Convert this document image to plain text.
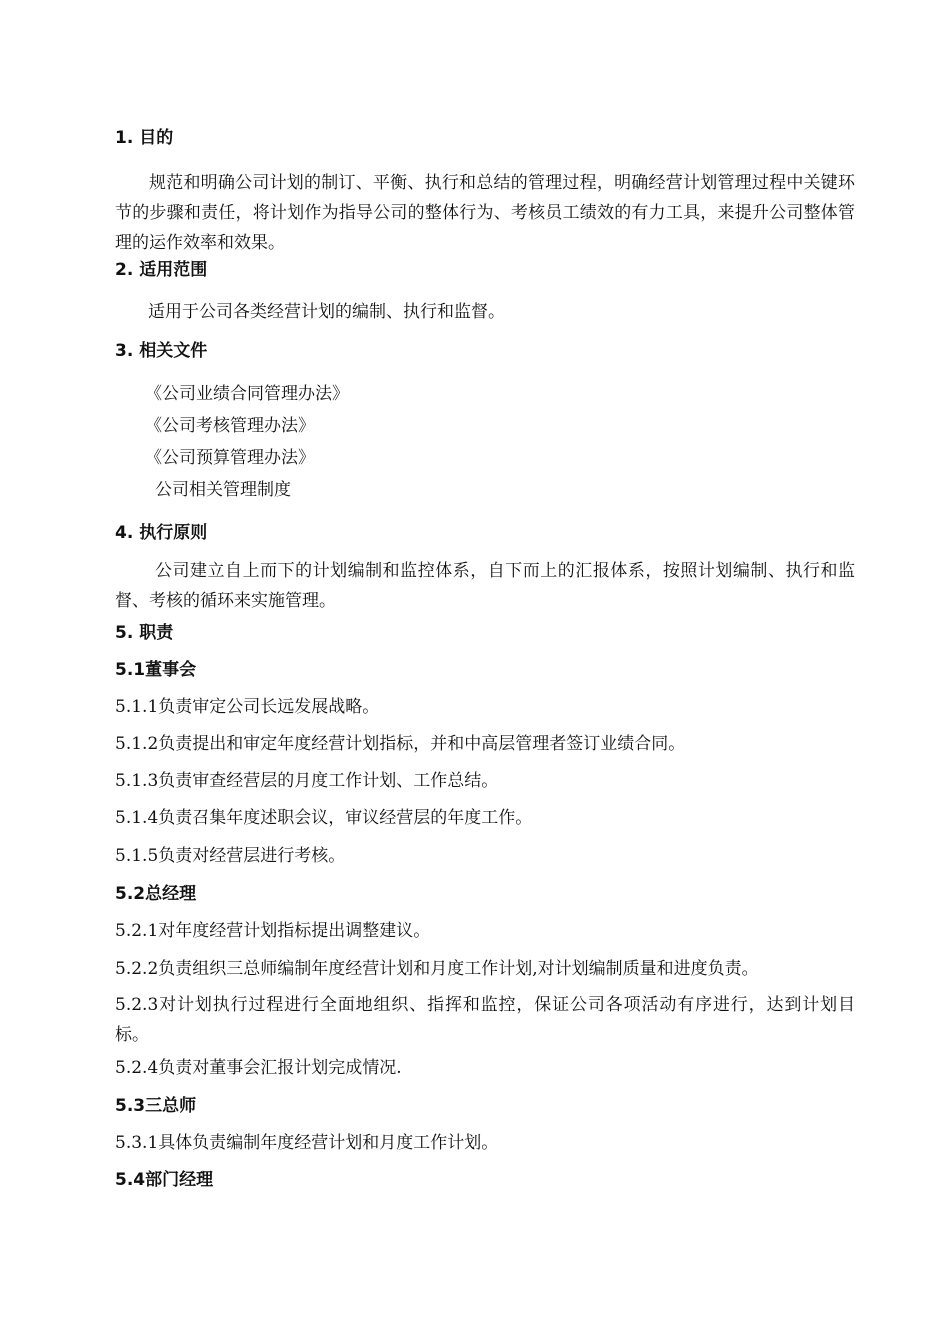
1. 目的
规范和明确公司计划的制订、平衡、执行和总结的管理过程，明确经营计划管理过程中关键环节的步骤和责任，将计划作为指导公司的整体行为、考核员工绩效的有力工具，来提升公司整体管理的运作效率和效果。
2. 适用范围
适用于公司各类经营计划的编制、执行和监督。
3. 相关文件
《公司业绩合同管理办法》
《公司考核管理办法》
《公司预算管理办法》
公司相关管理制度
4. 执行原则
公司建立自上而下的计划编制和监控体系，自下而上的汇报体系，按照计划编制、执行和监督、考核的循环来实施管理。
5. 职责
5.1董事会
5.1.1负责审定公司长远发展战略。
5.1.2负责提出和审定年度经营计划指标，并和中高层管理者签订业绩合同。
5.1.3负责审查经营层的月度工作计划、工作总结。
5.1.4负责召集年度述职会议，审议经营层的年度工作。
5.1.5负责对经营层进行考核。
5.2总经理
5.2.1对年度经营计划指标提出调整建议。
5.2.2负责组织三总师编制年度经营计划和月度工作计划,对计划编制质量和进度负责。
5.2.3对计划执行过程进行全面地组织、指挥和监控，保证公司各项活动有序进行，达到计划目标。
5.2.4负责对董事会汇报计划完成情况.
5.3三总师
5.3.1具体负责编制年度经营计划和月度工作计划。
5.4部门经理
